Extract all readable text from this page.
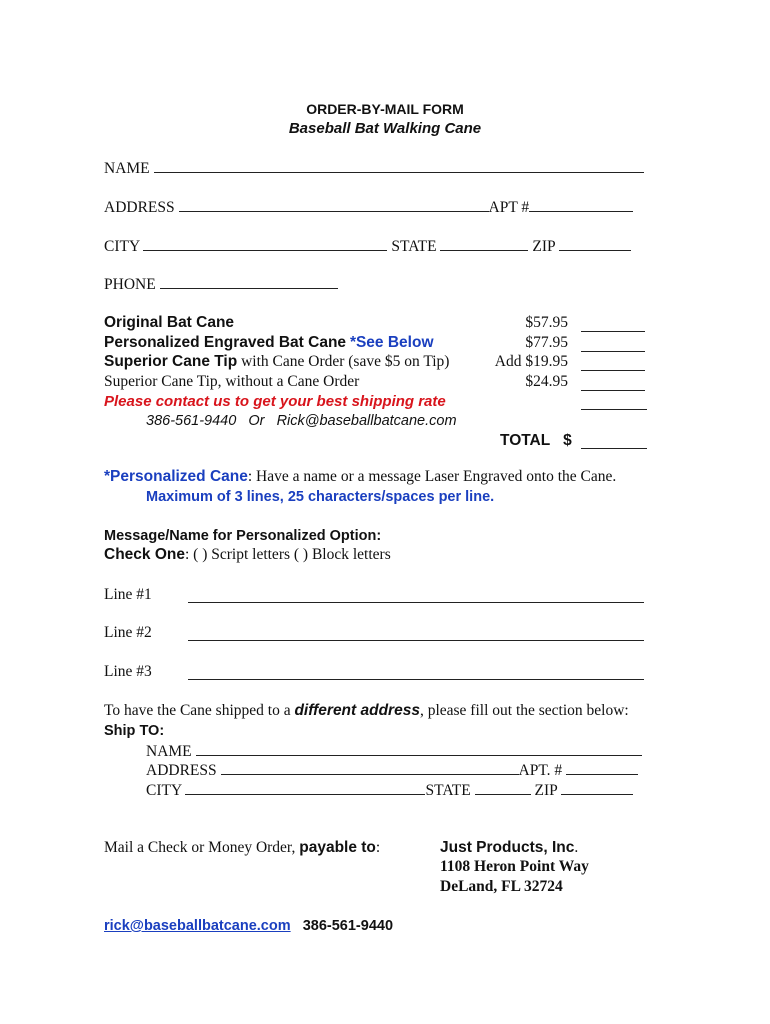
ORDER-BY-MAIL FORM
Baseball Bat Walking Cane
NAME
ADDRESS	APT #
CITY	STATE	ZIP
PHONE
Original Bat Cane	$57.95
Personalized Engraved Bat Cane *See Below	$77.95
Superior Cane Tip with Cane Order (save $5 on Tip)	Add $19.95
Superior Cane Tip, without a Cane Order	$24.95
Please contact us to get your best shipping rate
386-561-9440   Or   Rick@baseballbatcane.com
TOTAL $
*Personalized Cane: Have a name or a message Laser Engraved onto the Cane.
Maximum of 3 lines, 25 characters/spaces per line.
Message/Name for Personalized Option:
Check One: ( ) Script letters ( ) Block letters
Line #1
Line #2
Line #3
To have the Cane shipped to a different address, please fill out the section below:
Ship TO:
NAME
ADDRESS	APT. #
CITY	STATE	ZIP
Mail a Check or Money Order, payable to:	Just Products, Inc.
1108 Heron Point Way
DeLand, FL 32724
rick@baseballbatcane.com 386-561-9440
